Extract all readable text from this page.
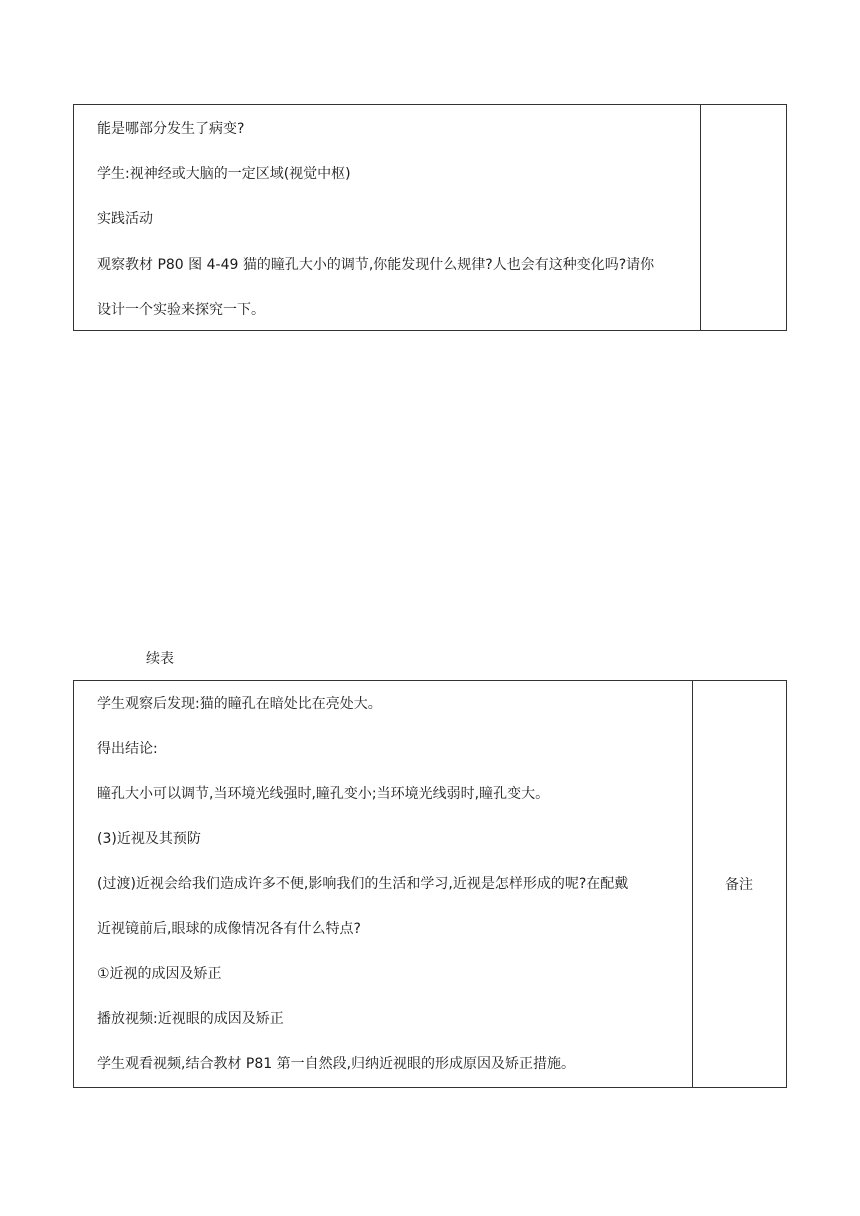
能是哪部分发生了病变?
学生:视神经或大脑的一定区域(视觉中枢)
实践活动
观察教材 P80 图 4-49 猫的瞳孔大小的调节,你能发现什么规律?人也会有这种变化吗?请你
设计一个实验来探究一下。
续表
学生观察后发现:猫的瞳孔在暗处比在亮处大。
得出结论:
瞳孔大小可以调节,当环境光线强时,瞳孔变小;当环境光线弱时,瞳孔变大。
(3)近视及其预防
(过渡)近视会给我们造成许多不便,影响我们的生活和学习,近视是怎样形成的呢?在配戴
近视镜前后,眼球的成像情况各有什么特点?
①近视的成因及矫正
播放视频:近视眼的成因及矫正
学生观看视频,结合教材 P81 第一自然段,归纳近视眼的形成原因及矫正措施。
备注
